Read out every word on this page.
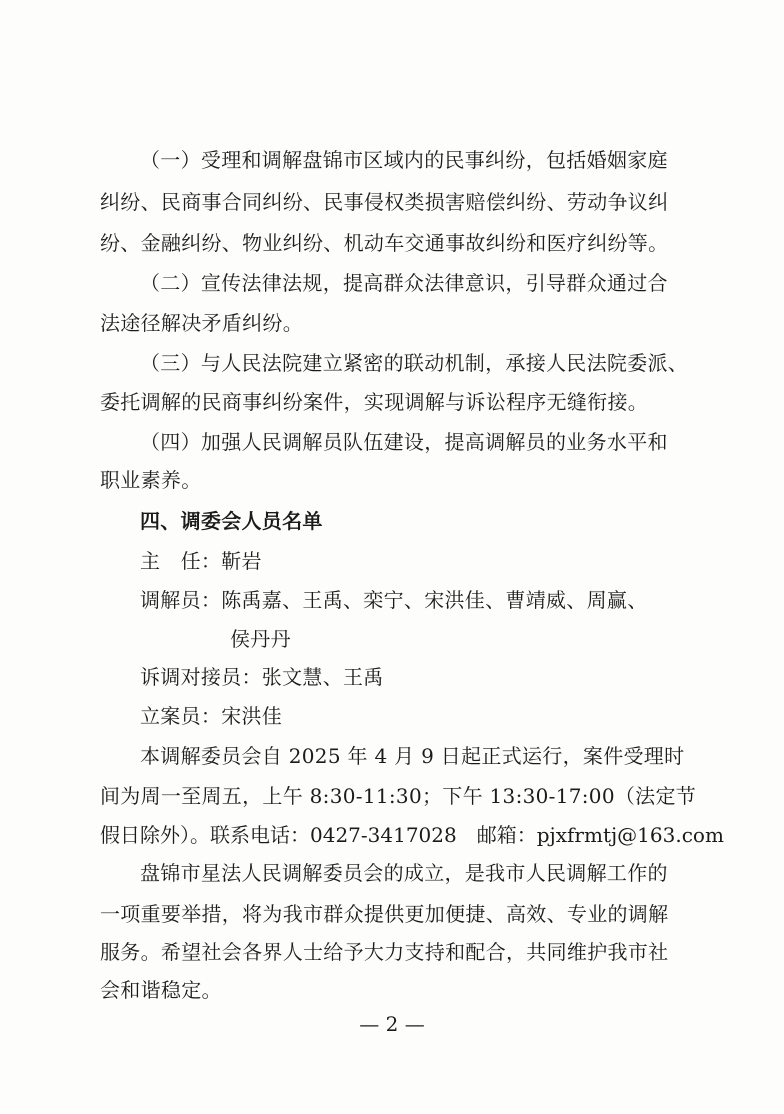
（一）受理和调解盘锦市区域内的民事纠纷，包括婚姻家庭
纠纷、民商事合同纠纷、民事侵权类损害赔偿纠纷、劳动争议纠
纷、金融纠纷、物业纠纷、机动车交通事故纠纷和医疗纠纷等。
（二）宣传法律法规，提高群众法律意识，引导群众通过合
法途径解决矛盾纠纷。
（三）与人民法院建立紧密的联动机制，承接人民法院委派、
委托调解的民商事纠纷案件，实现调解与诉讼程序无缝衔接。
（四）加强人民调解员队伍建设，提高调解员的业务水平和
职业素养。
四、调委会人员名单
主　任：靳岩
调解员：陈禹嘉、王禹、栾宁、宋洪佳、曹靖威、周赢、
侯丹丹
诉调对接员：张文慧、王禹
立案员：宋洪佳
本调解委员会自 2025 年 4 月 9 日起正式运行，案件受理时
间为周一至周五，上午 8:30-11:30；下午 13:30-17:00（法定节
假日除外）。联系电话：0427-3417028　邮箱：pjxfrmtj@163.com
盘锦市星法人民调解委员会的成立，是我市人民调解工作的
一项重要举措，将为我市群众提供更加便捷、高效、专业的调解
服务。希望社会各界人士给予大力支持和配合，共同维护我市社
会和谐稳定。
— 2 —
